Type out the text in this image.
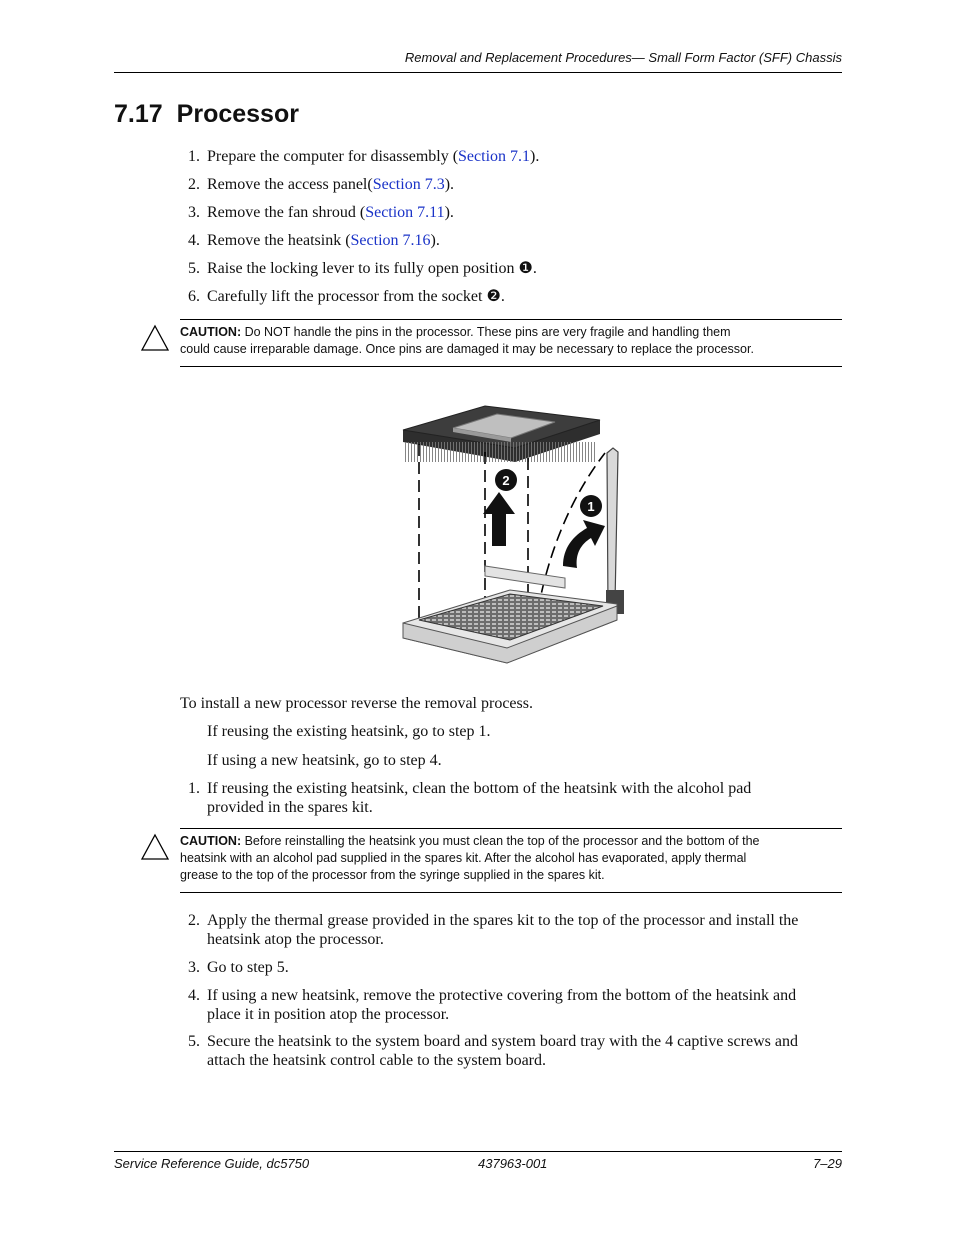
Removal and Replacement Procedures— Small Form Factor (SFF) Chassis
7.17 Processor
1. Prepare the computer for disassembly (Section 7.1).
2. Remove the access panel(Section 7.3).
3. Remove the fan shroud (Section 7.11).
4. Remove the heatsink (Section 7.16).
5. Raise the locking lever to its fully open position ❶.
6. Carefully lift the processor from the socket ❷.
CAUTION: Do NOT handle the pins in the processor. These pins are very fragile and handling them
could cause irreparable damage. Once pins are damaged it may be necessary to replace the processor.
2
1
To install a new processor reverse the removal process.
If reusing the existing heatsink, go to step 1.
If using a new heatsink, go to step 4.
1. If reusing the existing heatsink, clean the bottom of the heatsink with the alcohol pad
provided in the spares kit.
CAUTION: Before reinstalling the heatsink you must clean the top of the processor and the bottom of the
heatsink with an alcohol pad supplied in the spares kit. After the alcohol has evaporated, apply thermal
grease to the top of the processor from the syringe supplied in the spares kit.
2. Apply the thermal grease provided in the spares kit to the top of the processor and install the
heatsink atop the processor.
3. Go to step 5.
4. If using a new heatsink, remove the protective covering from the bottom of the heatsink and
place it in position atop the processor.
5. Secure the heatsink to the system board and system board tray with the 4 captive screws and
attach the heatsink control cable to the system board.
Service Reference Guide, dc5750	437963-001	7–29
